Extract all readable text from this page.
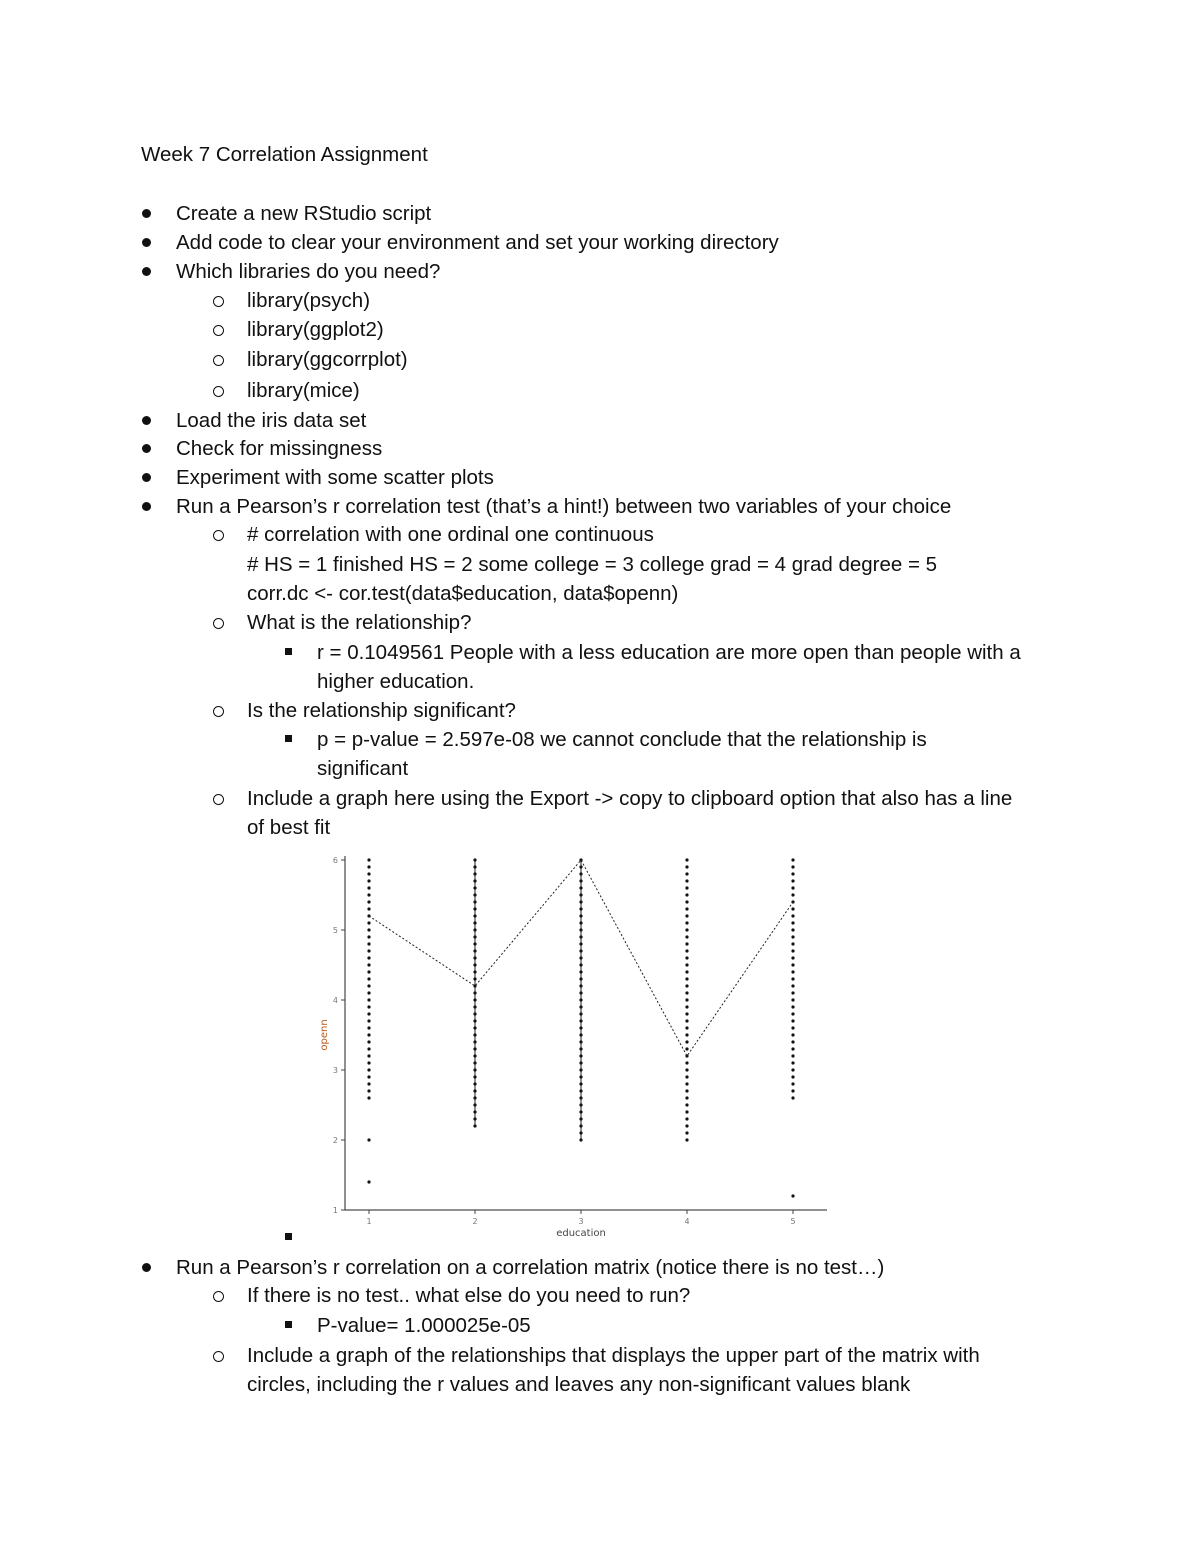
Week 7 Correlation Assignment
Create a new RStudio script
Add code to clear your environment and set your working directory
Which libraries do you need?
library(psych)
library(ggplot2)
library(ggcorrplot)
library(mice)
Load the iris data set
Check for missingness
Experiment with some scatter plots
Run a Pearson’s r correlation test (that’s a hint!) between two variables of your choice
# correlation with one ordinal one continuous
# HS = 1 finished HS = 2 some college = 3 college grad = 4 grad degree = 5
corr.dc <- cor.test(data$education, data$openn)
What is the relationship?
r = 0.1049561 People with a less education are more open than people with a
higher education.
Is the relationship significant?
p = p-value = 2.597e-08 we cannot conclude that the relationship is
significant
Include a graph here using the Export -> copy to clipboard option that also has a line
of best fit
Run a Pearson’s r correlation on a correlation matrix (notice there is no test…)
If there is no test.. what else do you need to run?
P-value= 1.000025e-05
Include a graph of the relationships that displays the upper part of the matrix with
circles, including the r values and leaves any non-significant values blank
1
2
3
4
5
6
1	2	3	4	5
education
openn
